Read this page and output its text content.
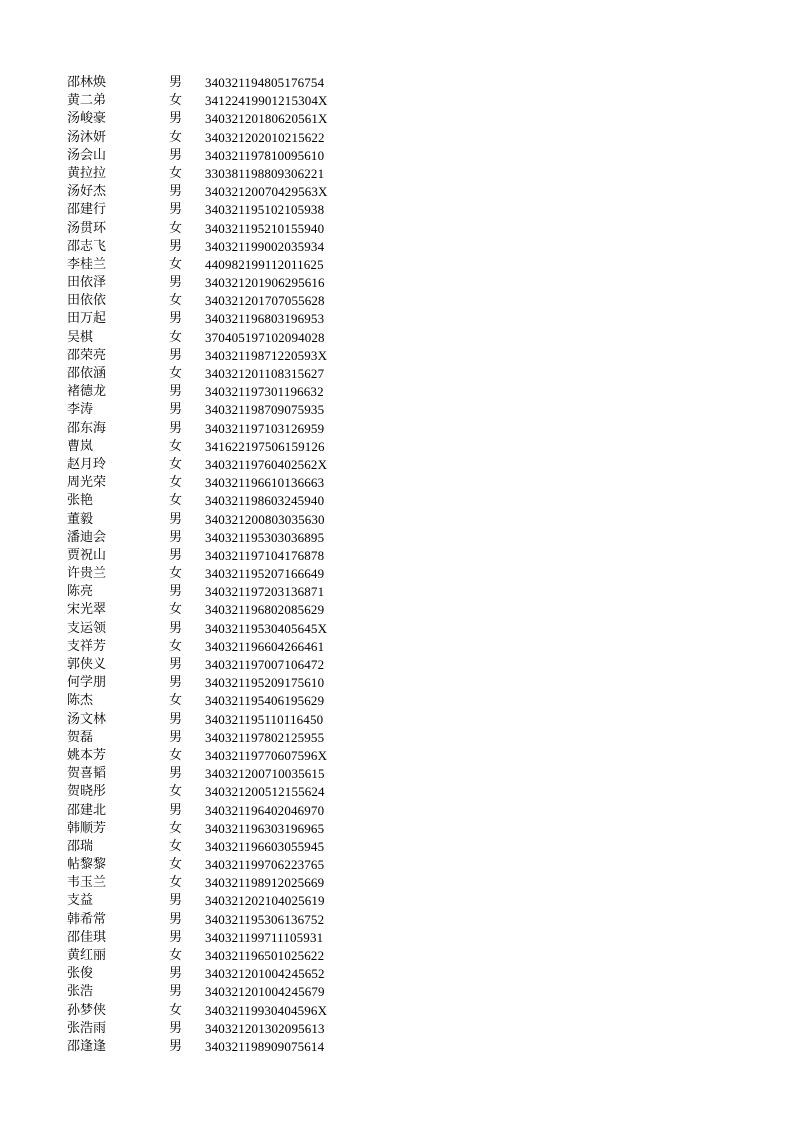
邵林焕	男	340321194805176754
黄二弟	女	34122419901215304X
汤峻豪	男	34032120180620561X
汤沐妍	女	340321202010215622
汤会山	男	340321197810095610
黄拉拉	女	330381198809306221
汤好杰	男	34032120070429563X
邵建行	男	340321195102105938
汤贯环	女	340321195210155940
邵志飞	男	340321199002035934
李桂兰	女	440982199112011625
田依泽	男	340321201906295616
田依依	女	340321201707055628
田万起	男	340321196803196953
吴棋	女	370405197102094028
邵荣亮	男	34032119871220593X
邵依涵	女	340321201108315627
褚德龙	男	340321197301196632
李涛	男	340321198709075935
邵东海	男	340321197103126959
曹岚	女	341622197506159126
赵月玲	女	34032119760402562X
周光荣	女	340321196610136663
张艳	女	340321198603245940
董毅	男	340321200803035630
潘迪会	男	340321195303036895
贾祝山	男	340321197104176878
许贵兰	女	340321195207166649
陈亮	男	340321197203136871
宋光翠	女	340321196802085629
支运领	男	34032119530405645X
支祥芳	女	340321196604266461
郭侠义	男	340321197007106472
何学朋	男	340321195209175610
陈杰	女	340321195406195629
汤文林	男	340321195110116450
贺磊	男	340321197802125955
姚本芳	女	34032119770607596X
贺喜韬	男	340321200710035615
贺晓彤	女	340321200512155624
邵建北	男	340321196402046970
韩顺芳	女	340321196303196965
邵瑞	女	340321196603055945
帖黎黎	女	340321199706223765
韦玉兰	女	340321198912025669
支益	男	340321202104025619
韩希常	男	340321195306136752
邵佳琪	男	340321199711105931
黄红丽	女	340321196501025622
张俊	男	340321201004245652
张浩	男	340321201004245679
孙梦侠	女	34032119930404596X
张浩雨	男	340321201302095613
邵逢逢	男	340321198909075614
